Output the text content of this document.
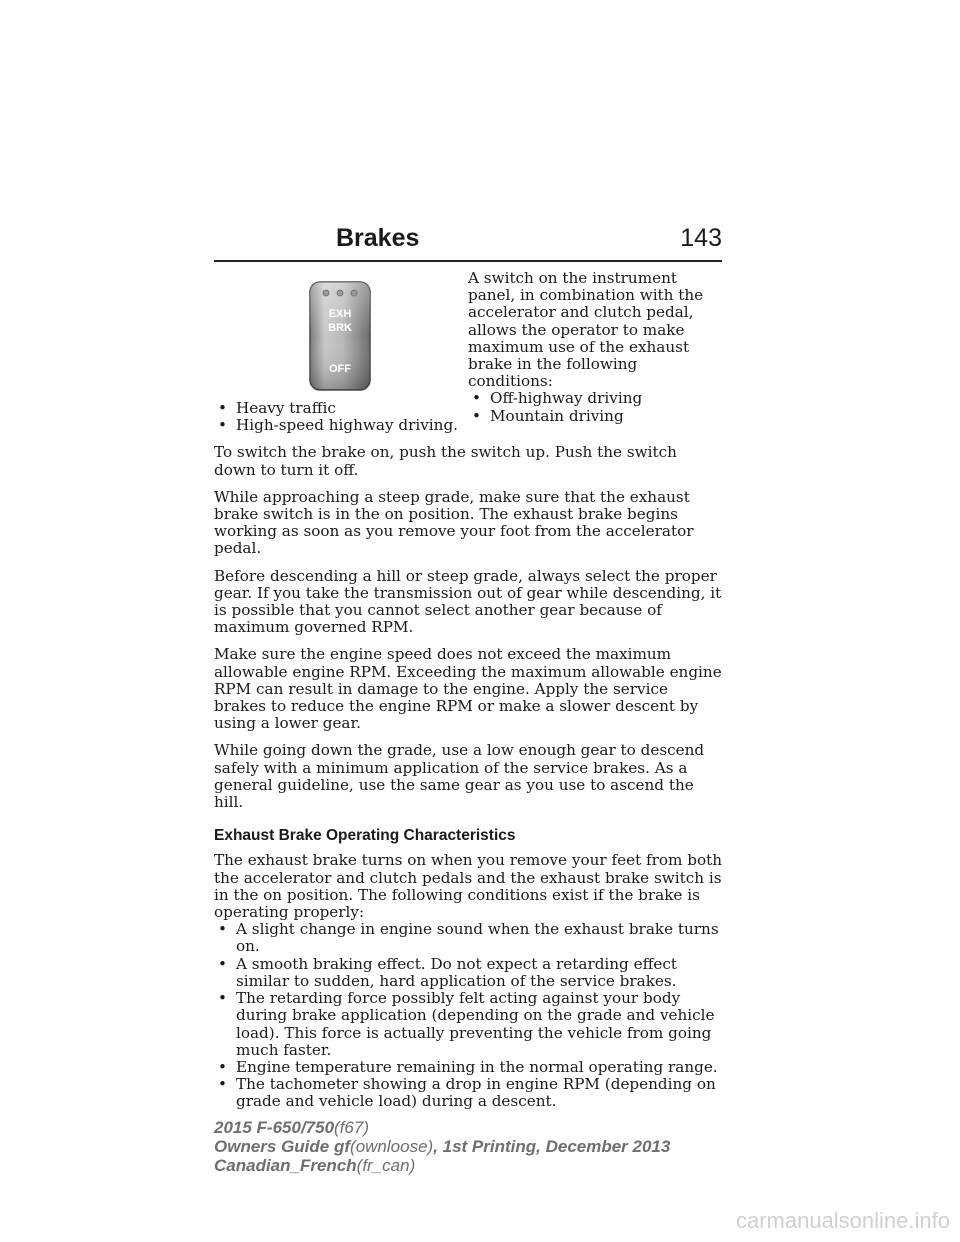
Brakes	143
EXH
BRK
OFF

A switch on the instrument panel, in combination with the accelerator and clutch pedal, allows the operator to make maximum use of the exhaust brake in the following conditions:

• Off-highway driving
• Mountain driving
• Heavy traffic
• High-speed highway driving.

To switch the brake on, push the switch up. Push the switch down to turn it off.

While approaching a steep grade, make sure that the exhaust brake switch is in the on position. The exhaust brake begins working as soon as you remove your foot from the accelerator pedal.

Before descending a hill or steep grade, always select the proper gear. If you take the transmission out of gear while descending, it is possible that you cannot select another gear because of maximum governed RPM.

Make sure the engine speed does not exceed the maximum allowable engine RPM. Exceeding the maximum allowable engine RPM can result in damage to the engine. Apply the service brakes to reduce the engine RPM or make a slower descent by using a lower gear.

While going down the grade, use a low enough gear to descend safely with a minimum application of the service brakes. As a general guideline, use the same gear as you use to ascend the hill.

Exhaust Brake Operating Characteristics

The exhaust brake turns on when you remove your feet from both the accelerator and clutch pedals and the exhaust brake switch is in the on position. The following conditions exist if the brake is operating properly:

• A slight change in engine sound when the exhaust brake turns on.
• A smooth braking effect. Do not expect a retarding effect similar to sudden, hard application of the service brakes.
• The retarding force possibly felt acting against your body during brake application (depending on the grade and vehicle load). This force is actually preventing the vehicle from going much faster.
• Engine temperature remaining in the normal operating range.
• The tachometer showing a drop in engine RPM (depending on grade and vehicle load) during a descent.
2015 F-650/750(f67)
Owners Guide gf(ownloose), 1st Printing, December 2013
Canadian_French(fr_can)
carmanualsonline.info
